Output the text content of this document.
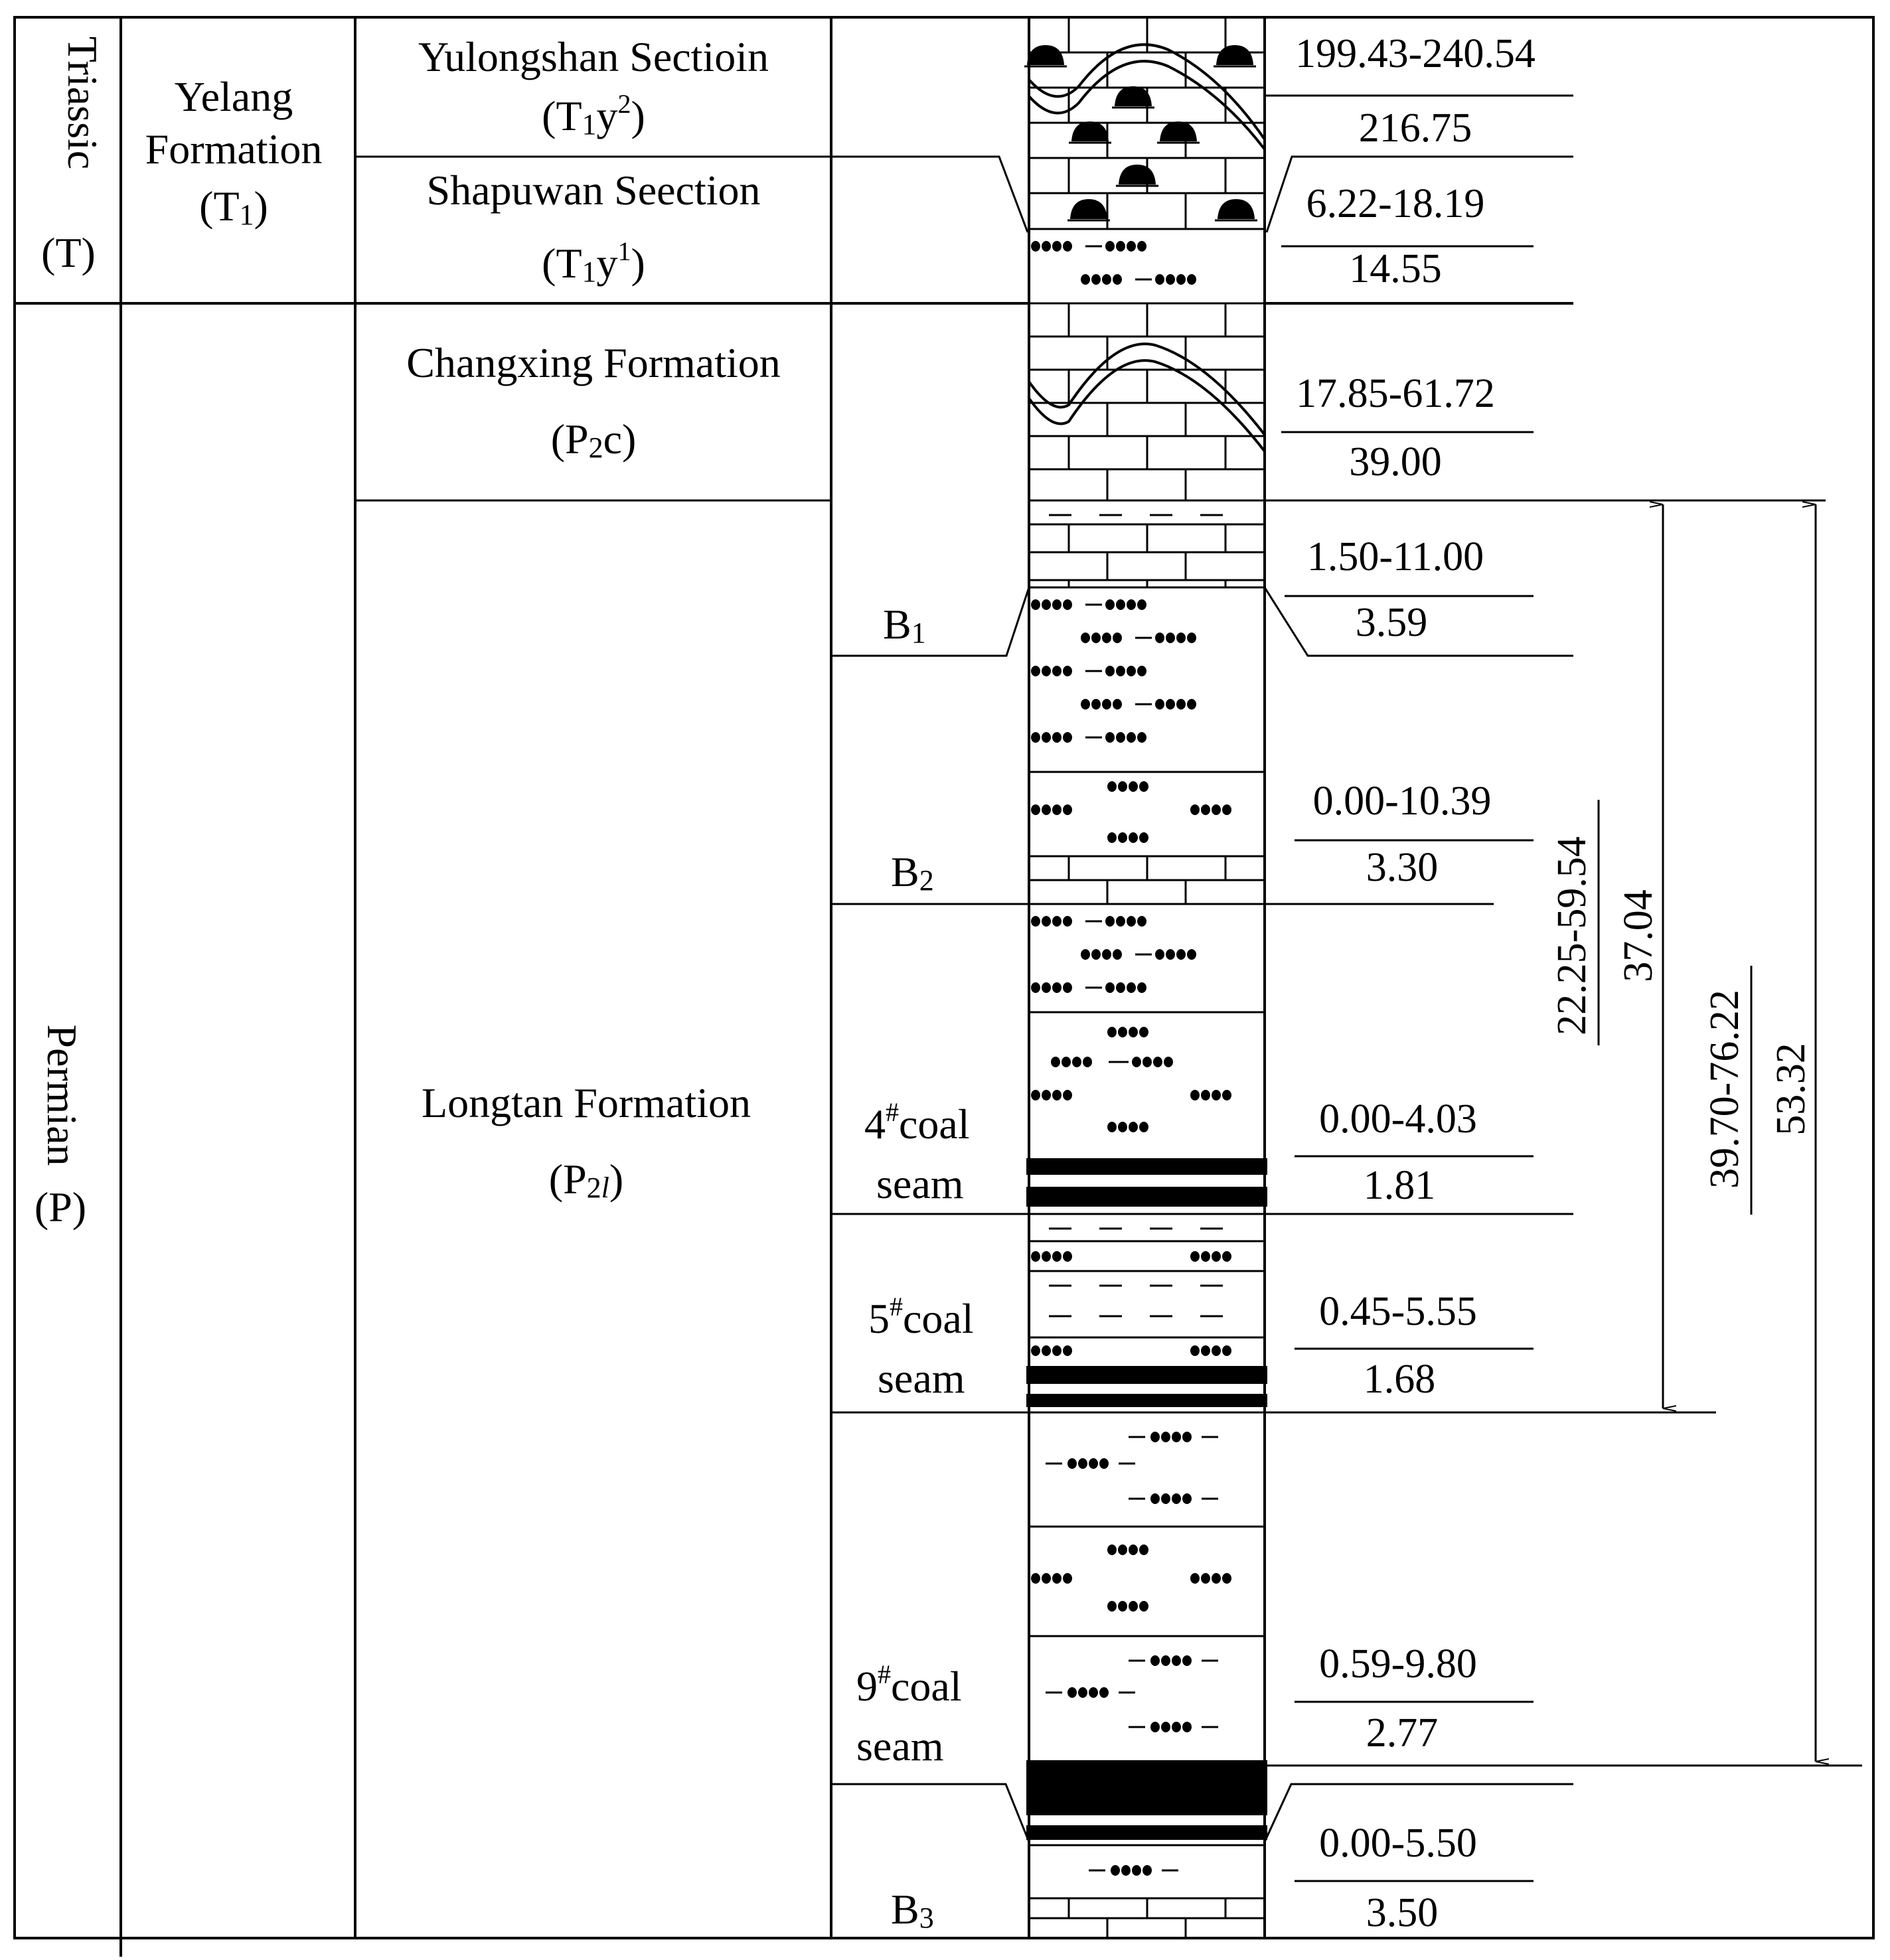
Triassic
(T)
Permian
(P)
Yelang
Formation
(T1)
Changxing Formation
(P2c)
Longtan Formation
(P2l)
Yulongshan Sectioin
$(T1y^2)$
Shapuwan Seection
$(T1y^1)$
B1
B2
B3
4#coal
seam
5#coal
seam
9#coal
seam
199.43-240.54
216.75
6.22-18.19
14.55
17.85-61.72
39.00
1.50-11.00
3.59
0.00-10.39
3.30
0.00-4.03
1.81
0.45-5.55
1.68
0.59-9.80
2.77
0.00-5.50
3.50
22.25-59.54 37.04
39.70-76.22 53.32
